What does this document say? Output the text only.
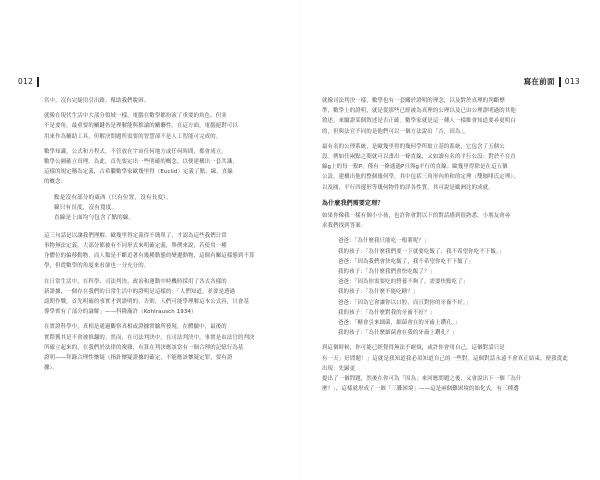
012

宮中，沒有完疑用引出路，幫助我們脫困。

就像在現代生活中大部分領域一樣，電腦在數學都扮演了重要的角色，但並

不是要角，最重要的關鍵仍是理解能與推論的關聯性。在這方面，電腦絕對可以

用來作為輔助工具，但解決問題所需要的智慧卻不是人工智能可完成的。

數學知識，公式和方程式，不管放在宇宙任何地方或任何時間，都會成立。

數學公圖確立真理。為此，首先要定出一些明確的概念，以便建構出一套共識，

這樣的規定稱為定義，古希臘數學家歐幾里得（Euclid）定義了點、線、直線

的概念：

點是沒有部分的東西（只有位置，沒有長度）。
線只有長度，沒有寬度。
直線是上面均勻包含了點的線。

這三句話是以讓我們理解，歐幾里得定義得不簡單了，才認為這些我們日常

事物無法定義。大部分都被有不同形式來明確定義，舉例來說，若使用一種

身體位的偏移動物，而人類是不斷追著有幾種動態的變遷動物，這個有關這樣態到不算

學，但從數學的角度來看卻也一分充分的。

在日常生活中、在科學、司法判決、政治和運動中時機時採用了各式各樣的

新證據，一個存在我們的日常生活中的證明是這樣的：「人們知道，並要是透過

認期作戰，首先明確的事實才到證明的，否則，人們可能學理解這本公式容，只會基

導學實有了部分的論解」——科隆瀚許（Kohlrausch 1934）

在實證科學中，真相是通過觀察真相或證據實驗所發現，在體驗中，最後的

實際獲其是不會被推翻的。然而，在司法判決中，在司法判決中，事實是由法官的判決

所確立起來的，在我們於法律的複雜，有算在判決應該當有一個合理的記憶行為基

證明——拜錄合理性懷疑（指針懷疑證據的確定，不能應該懷疑定罪，要有證

據）。

寫在前面 013

就像司法判決一樣，數學也有一套關於證明的理念，以及對於真理的判斷標

準，數學上的證明，就是從那些已經被為真理的公理以及已由公理證明過的其他

敘述，來驗證某個敘述是否正確。數學家就是這一種人一樣維會知道要尋更明白

的，但與法官不同的是他們可以一個方法說出「否，因為」。

最有名的公理系統，是歐幾里得的幾何學所取立基的系統，它包含了五個公

設。例如任兩點之間就可以畫出一條直線，又如讀有名的平行公設：對於不在直

線g上的每一點P，僅有一條通過P且與g平行的直線。歐幾里得除是在這五個

公設，建構出他的整個幾何學，其中包括三角形內角和的定理（雙伽啡氏定理），

以及圓，平行四邊形等幾何物件的詳各性質，其可說是歐洲比的成就。

為什麼我們需要定理？

如果你像我一樣有個小小孩，也許你會對以下的對話感到很熟悉。小朋友會尋

求我們找到答案：

爸爸：「為什麼我只能吃一根薯呢？」
我的孩子：「為什麼我們要一下就要吃飯了，我不希望你吃不下飯。」
爸爸：「因為我們會快吃飯了，我不希望你吃不下飯了」
我的孩子：「為什麼我們會快吃飯了？」
爸爸：「因為你需要吃的營養不夠了，需要快點吃了」
我的孩子：「為什麼不能吃糖？」
爸爸：「因為它會讓你以口腔，而且對你的牙齒不好。」
我的孩子：「為什麼對我的牙齒不好？」
爸爸：「糖會引來細菌，細菌會在的牙齒上鑽孔。」
我的孩子：「為什麼細菌會在我的牙齒上鑽孔？」

到這個時候，你可能已經覺得無法不耐煩，或許你會用自己，這個對話只是

有一天」好問題！」這就是我知道我必須知道自己的一些對。這個對話永遠不會真正結束，便我從此出現：先歸更

提出了一個問題，然後在你可為「因為」來回應問題之後，又會說出下一個「為什

麼？」，這樣就形成了一個「三難困境」——這是兩個難困境的始化式，有三種選
